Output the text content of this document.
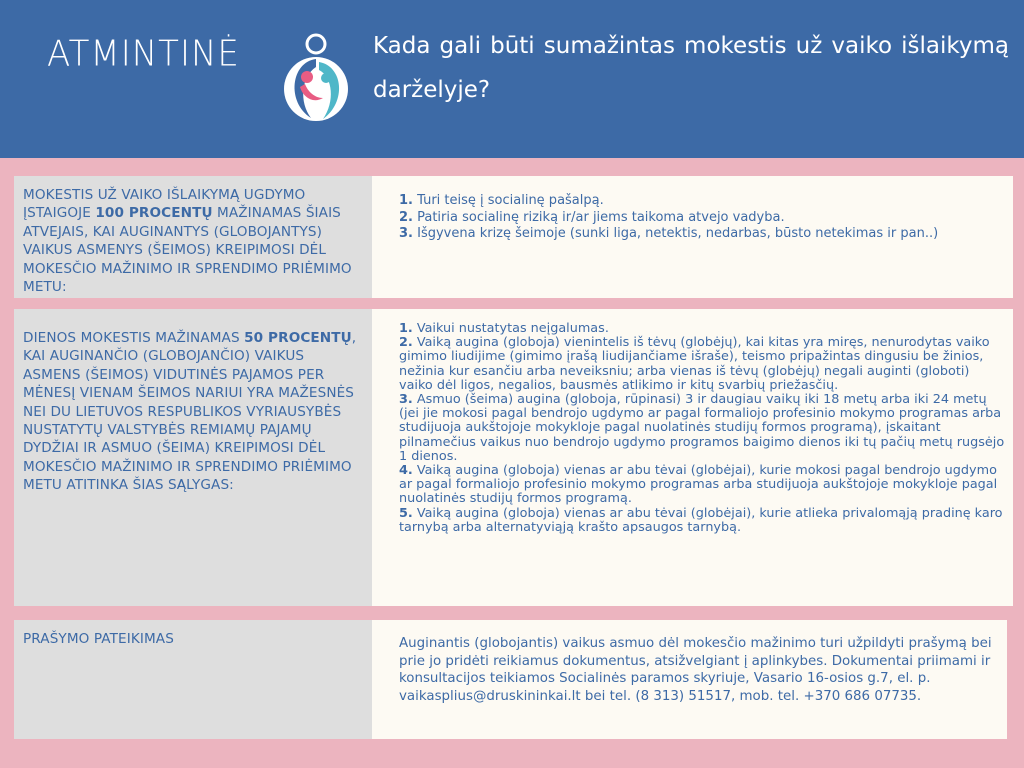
ATMINTINĖ	Kada gali būti sumažintas mokestis už vaiko išlaikymą darželyje?
MOKESTIS UŽ VAIKO IŠLAIKYMĄ UGDYMO ĮSTAIGOJE 100 PROCENTŲ MAŽINAMAS ŠIAIS ATVEJAIS, KAI AUGINANTYS (GLOBOJANTYS) VAIKUS ASMENYS (ŠEIMOS) KREIPIMOSI DĖL MOKESČIO MAŽINIMO IR SPRENDIMO PRIĖMIMO METU:
1. Turi teisę į socialinę pašalpą.
2. Patiria socialinę riziką ir/ar jiems taikoma atvejo vadyba.
3. Išgyvena krizę šeimoje (sunki liga, netektis, nedarbas, būsto netekimas ir pan..)
DIENOS MOKESTIS MAŽINAMAS 50 PROCENTŲ, KAI AUGINANČIO (GLOBOJANČIO) VAIKUS ASMENS (ŠEIMOS) VIDUTINĖS PAJAMOS PER MĖNESĮ VIENAM ŠEIMOS NARIUI YRA MAŽESNĖS NEI DU LIETUVOS RESPUBLIKOS VYRIAUSYBĖS NUSTATYTŲ VALSTYBĖS REMIAMŲ PAJAMŲ DYDŽIAI IR ASMUO (ŠEIMA) KREIPIMOSI DĖL MOKESČIO MAŽINIMO IR SPRENDIMO PRIĖMIMO METU ATITINKA ŠIAS SĄLYGAS:
1. Vaikui nustatytas neįgalumas.
2. Vaiką augina (globoja) vienintelis iš tėvų (globėjų), kai kitas yra miręs, nenurodytas vaiko gimimo liudijime (gimimo įrašą liudijančiame išraše), teismo pripažintas dingusiu be žinios, nežinia kur esančiu arba neveiksniu; arba vienas iš tėvų (globėjų) negali auginti (globoti) vaiko dėl ligos, negalios, bausmės atlikimo ir kitų svarbių priežasčių.
3. Asmuo (šeima) augina (globoja, rūpinasi) 3 ir daugiau vaikų iki 18 metų arba iki 24 metų (jei jie mokosi pagal bendrojo ugdymo ar pagal formaliojo profesinio mokymo programas arba studijuoja aukštojoje mokykloje pagal nuolatinės studijų formos programą), įskaitant pilnamečius vaikus nuo bendrojo ugdymo programos baigimo dienos iki tų pačių metų rugsėjo 1 dienos.
4. Vaiką augina (globoja) vienas ar abu tėvai (globėjai), kurie mokosi pagal bendrojo ugdymo ar pagal formaliojo profesinio mokymo programas arba studijuoja aukštojoje mokykloje pagal nuolatinės studijų formos programą.
5. Vaiką augina (globoja) vienas ar abu tėvai (globėjai), kurie atlieka privalomąją pradinę karo tarnybą arba alternatyviąją krašto apsaugos tarnybą.
PRAŠYMO PATEIKIMAS	Auginantis (globojantis) vaikus asmuo dėl mokesčio mažinimo turi užpildyti prašymą bei prie jo pridėti reikiamus dokumentus, atsižvelgiant į aplinkybes. Dokumentai priimami ir konsultacijos teikiamos Socialinės paramos skyriuje, Vasario 16-osios g.7, el. p. vaikasplius@druskininkai.lt bei tel. (8 313) 51517, mob. tel. +370 686 07735.
